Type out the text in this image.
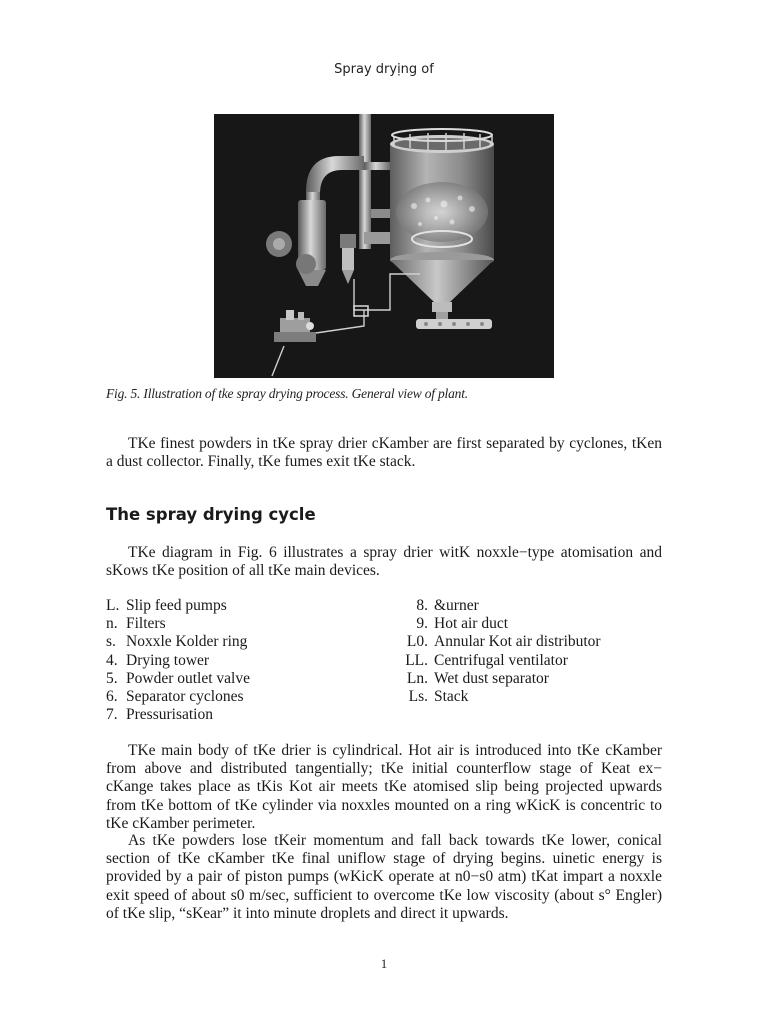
Spray dryịng of
Fig. 5. Illustration of tke spray drying process. General view of plant.

TKe finest powders in tKe spray drier cKamber are first separated by cyclones, tKen a dust collector. Finally, tKe fumes exit tKe stack.

The spray drying cycle

TKe diagram in Fig. 6 illustrates a spray drier witK noxxle−type atomisation and sKows tKe position of all tKe main devices.

L. Slip feed pumps
n. Filters
s. Noxxle Kolder ring
4. Drying tower
5. Powder outlet valve
6. Separator cyclones
7. Pressurisation
8. &urner
9. Hot air duct
L0. Annular Kot air distributor
LL. Centrifugal ventilator
Ln. Wet dust separator
Ls. Stack

TKe main body of tKe drier is cylindrical. Hot air is introduced into tKe cKamber from above and distributed tangentially; tKe initial counterflow stage of Keat ex− cKange takes place as tKis Kot air meets tKe atomised slip being projected upwards from tKe bottom of tKe cylinder via noxxles mounted on a ring wKicK is concentric to tKe cKamber perimeter.

As tKe powders lose tKeir momentum and fall back towards tKe lower, conical section of tKe cKamber tKe final uniflow stage of drying begins. uinetic energy is provided by a pair of piston pumps (wKicK operate at n0−s0 atm) tKat impart a noxxle exit speed of about s0 m/sec, sufficient to overcome tKe low viscosity (about s° Engler) of tKe slip, “sKear” it into minute droplets and direct it upwards.

1
